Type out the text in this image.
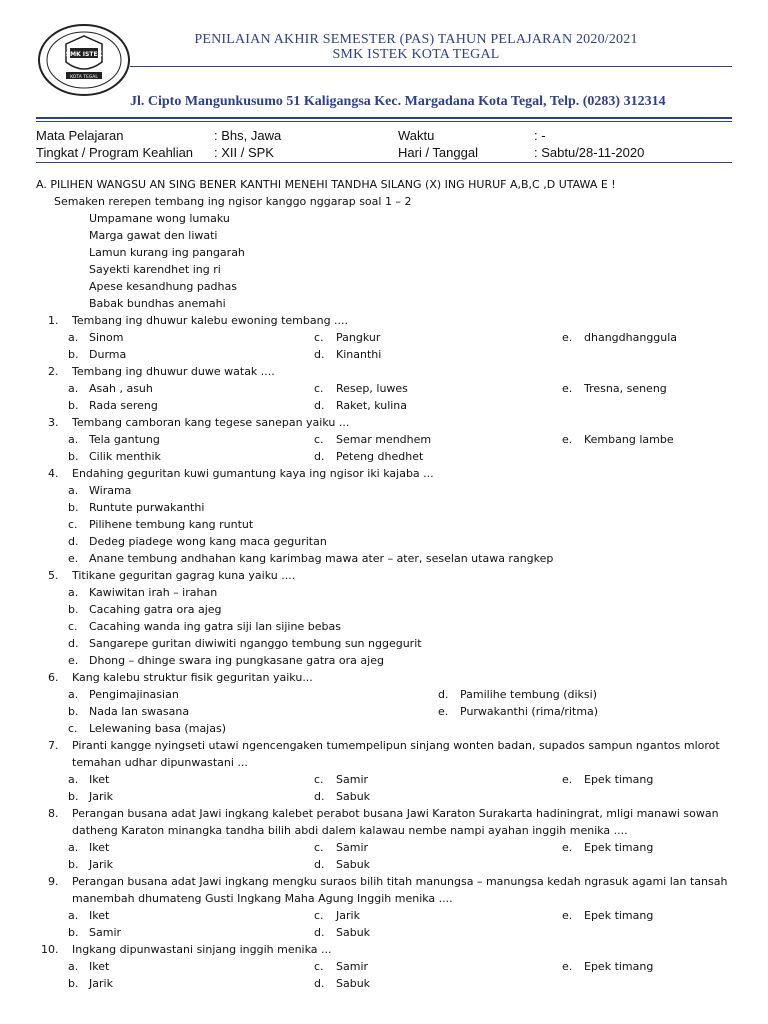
SMK ISTEK
KOTA TEGAL
PENILAIAN AKHIR SEMESTER (PAS) TAHUN PELAJARAN 2020/2021
SMK ISTEK KOTA TEGAL
Jl. Cipto Mangunkusumo 51 Kaligangsa Kec. Margadana Kota Tegal, Telp. (0283) 312314
Mata Pelajaran	: Bhs, Jawa	Waktu	: -
Tingkat / Program Keahlian : XII / SPK	Hari / Tanggal	: Sabtu/28-11-2020
A. PILIHEN WANGSU AN SING BENER KANTHI MENEHI TANDHA SILANG (X) ING HURUF A,B,C ,D UTAWA E !
Semaken rerepen tembang ing ngisor kanggo nggarap soal 1 – 2
Umpamane wong lumaku
Marga gawat den liwati
Lamun kurang ing pangarah
Sayekti karendhet ing ri
Apese kesandhung padhas
Babak bundhas anemahi
1. Tembang ing dhuwur kalebu ewoning tembang ....
a. Sinom
b. Durma
c. Pangkur
d. Kinanthi
e. dhangdhanggula
2. Tembang ing dhuwur duwe watak ....
a. Asah , asuh
b. Rada sereng
c. Resep, luwes
d. Raket, kulina
e. Tresna, seneng
3. Tembang camboran kang tegese sanepan yaiku ...
a. Tela gantung
b. Cilik menthik
c. Semar mendhem
d. Peteng dhedhet
e. Kembang lambe
4. Endahing geguritan kuwi gumantung kaya ing ngisor iki kajaba ...
a. Wirama
b. Runtute purwakanthi
c. Pilihene tembung kang runtut
d. Dedeg piadege wong kang maca geguritan
e. Anane tembung andhahan kang karimbag mawa ater – ater, seselan utawa rangkep
5. Titikane geguritan gagrag kuna yaiku ....
a. Kawiwitan irah – irahan
b. Cacahing gatra ora ajeg
c. Cacahing wanda ing gatra siji lan sijine bebas
d. Sangarepe guritan diwiwiti nganggo tembung sun nggegurit
e. Dhong – dhinge swara ing pungkasane gatra ora ajeg
6. Kang kalebu struktur fisik geguritan yaiku...
a. Pengimajinasian
b. Nada lan swasana
c. Lelewaning basa (majas)
d. Pamilihe tembung (diksi)
e. Purwakanthi (rima/ritma)
7. Piranti kangge nyingseti utawi ngencengaken tumempelipun sinjang wonten badan, supados sampun ngantos mlorot
temahan udhar dipunwastani ...
a. Iket
b. Jarik
c. Samir
d. Sabuk
e. Epek timang
8. Perangan busana adat Jawi ingkang kalebet perabot busana Jawi Karaton Surakarta hadiningrat, mligi manawi sowan
datheng Karaton minangka tandha bilih abdi dalem kalawau nembe nampi ayahan inggih menika ....
a. Iket
b. Jarik
c. Samir
d. Sabuk
e. Epek timang
9. Perangan busana adat Jawi ingkang mengku suraos bilih titah manungsa – manungsa kedah ngrasuk agami lan tansah
manembah dhumateng Gusti Ingkang Maha Agung Inggih menika ....
a. Iket
b. Samir
c. Jarik
d. Sabuk
e. Epek timang
10. Ingkang dipunwastani sinjang inggih menika ...
a. Iket
b. Jarik
c. Samir
d. Sabuk
e. Epek timang
